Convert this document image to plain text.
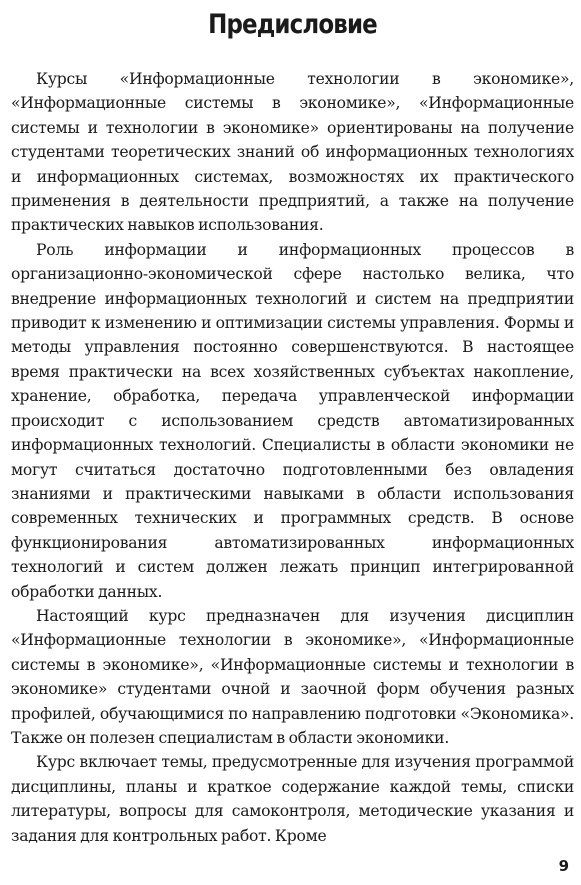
Предисловие

Курсы «Информационные технологии в экономике», «Информационные системы в экономике», «Информационные системы и технологии в экономике» ориентированы на получение студентами теоретических знаний об информационных технологиях и информационных системах, возможностях их практического применения в деятельности предприятий, а также на получение практических навыков использования.

Роль информации и информационных процессов в организационно-экономической сфере настолько велика, что внедрение информационных технологий и систем на предприятии приводит к изменению и оптимизации системы управления. Формы и методы управления постоянно совершенствуются. В настоящее время практически на всех хозяйственных субъектах накопление, хранение, обработка, передача управленческой информации происходит с использованием средств автоматизированных информационных технологий. Специалисты в области экономики не могут считаться достаточно подготовленными без овладения знаниями и практическими навыками в области использования современных технических и программных средств. В основе функционирования автоматизированных информационных технологий и систем должен лежать принцип интегрированной обработки данных.

Настоящий курс предназначен для изучения дисциплин «Информационные технологии в экономике», «Информационные системы в экономике», «Информационные системы и технологии в экономике» студентами очной и заочной форм обучения разных профилей, обучающимися по направлению подготовки «Экономика». Также он полезен специалистам в области экономики.

Курс включает темы, предусмотренные для изучения программой дисциплины, планы и краткое содержание каждой темы, списки литературы, вопросы для самоконтроля, методические указания и задания для контрольных работ. Кроме

9
